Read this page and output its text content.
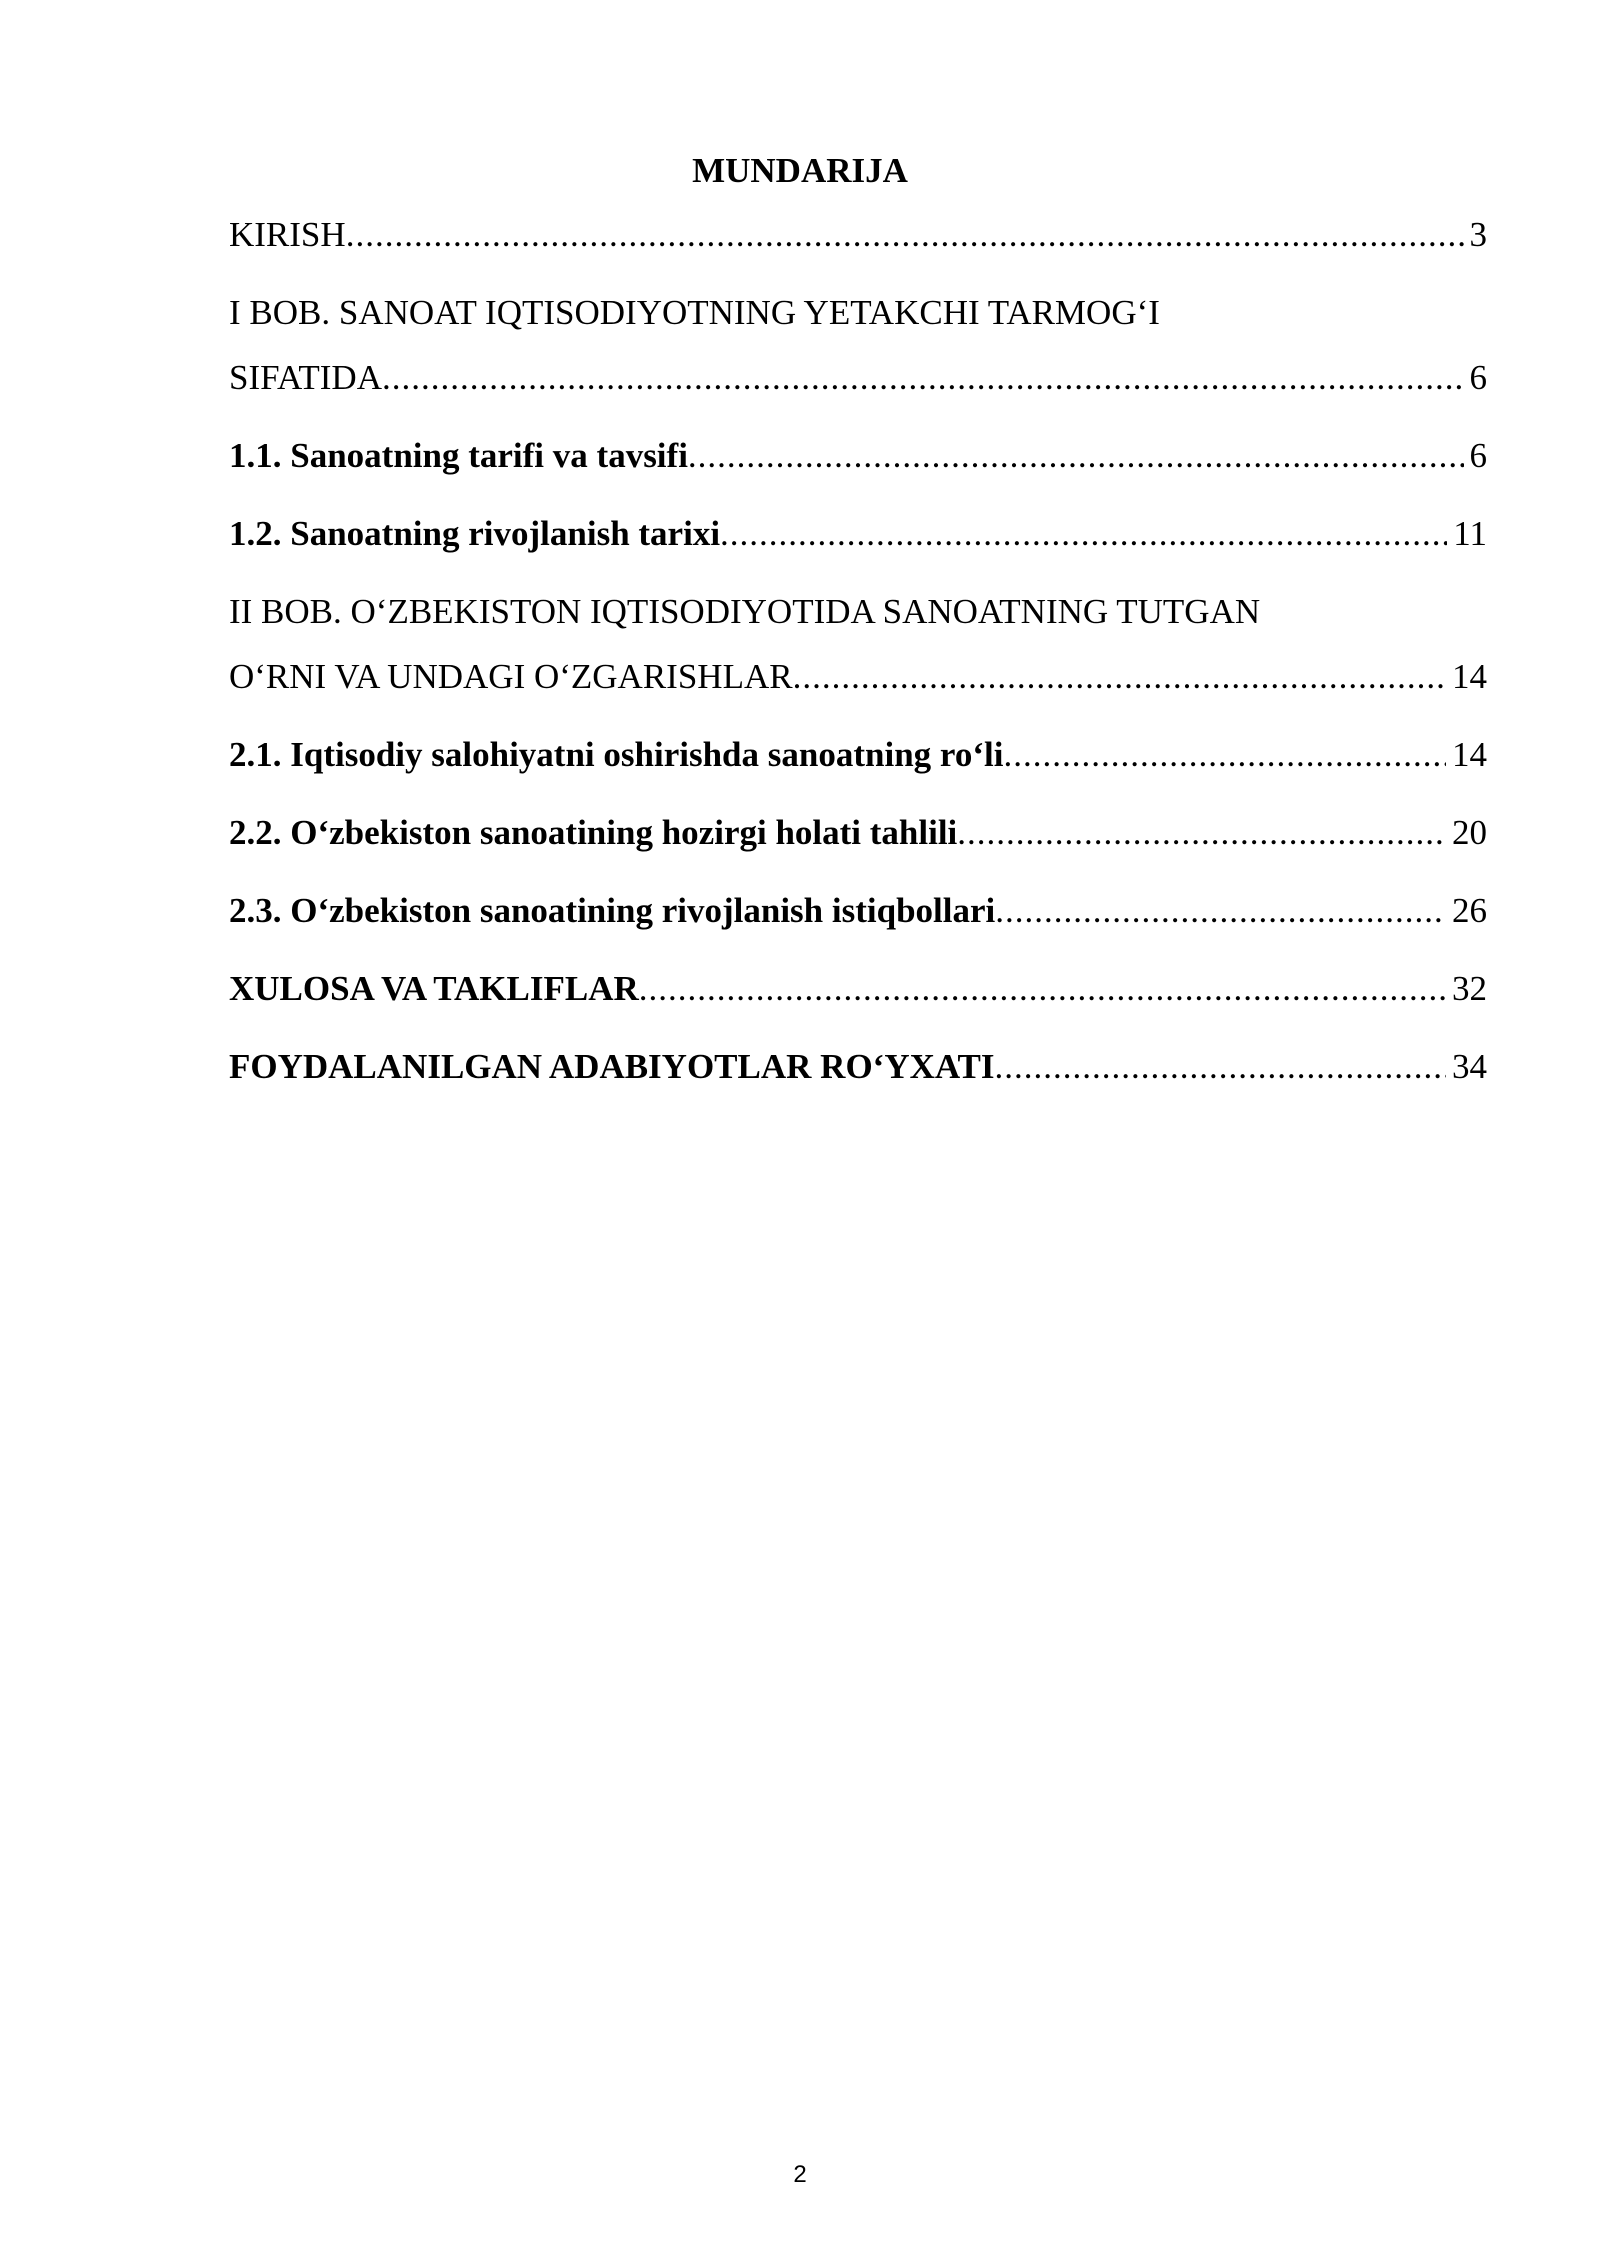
MUNDARIJA
KIRISH .....	3
I BOB. SANOAT IQTISODIYOTNING YETAKCHI TARMOG‘I
SIFATIDA .....	6
1.1. Sanoatning tarifi va tavsifi .....	6
1.2. Sanoatning rivojlanish tarixi .....	11
II BOB. O‘ZBEKISTON IQTISODIYOTIDA SANOATNING TUTGAN
O‘RNI VA UNDAGI O‘ZGARISHLAR .....	14
2.1. Iqtisodiy salohiyatni oshirishda sanoatning ro‘li .....	14
2.2. O‘zbekiston sanoatining hozirgi holati tahlili .....	20
2.3. O‘zbekiston sanoatining rivojlanish istiqbollari .....	26
XULOSA VA TAKLIFLAR .....	32
FOYDALANILGAN ADABIYOTLAR RO‘YXATI .....	34
2
